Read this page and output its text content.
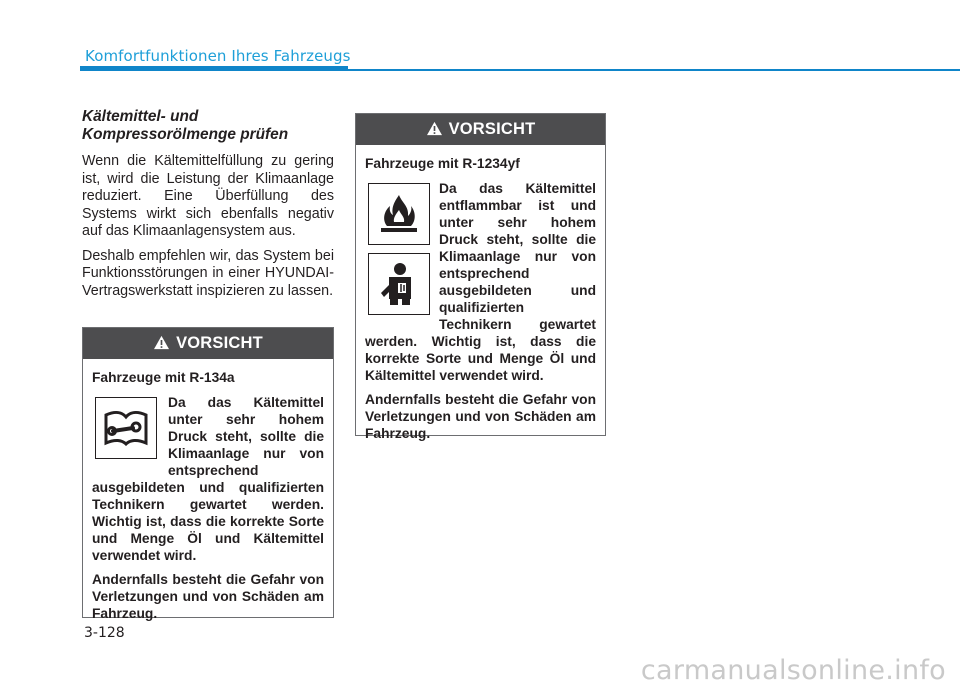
Komfortfunktionen Ihres Fahrzeugs
Kältemittel- und Kompressorölmenge prüfen

Wenn die Kältemittelfüllung zu gering ist, wird die Leistung der Klimaanlage reduziert. Eine Überfüllung des Systems wirkt sich ebenfalls negativ auf das Klimaanlagensystem aus.

Deshalb empfehlen wir, das System bei Funktionsstörungen in einer HYUNDAI-Vertragswerkstatt inspizieren zu lassen.

VORSICHT

Fahrzeuge mit R-134a

Da das Kältemittel unter sehr hohem Druck steht, sollte die Klimaanlage nur von entsprechend ausgebildeten und qualifizierten Technikern gewartet werden. Wichtig ist, dass die korrekte Sorte und Menge Öl und Kältemittel verwendet wird.

Andernfalls besteht die Gefahr von Verletzungen und von Schäden am Fahrzeug.

VORSICHT

Fahrzeuge mit R-1234yf

Da das Kältemittel entflammbar ist und unter sehr hohem Druck steht, sollte die Klimaanlage nur von entsprechend ausgebildeten und qualifizierten Technikern gewartet werden. Wichtig ist, dass die korrekte Sorte und Menge Öl und Kältemittel verwendet wird.

Andernfalls besteht die Gefahr von Verletzungen und von Schäden am Fahrzeug.

3-128
carmanualsonline.info
